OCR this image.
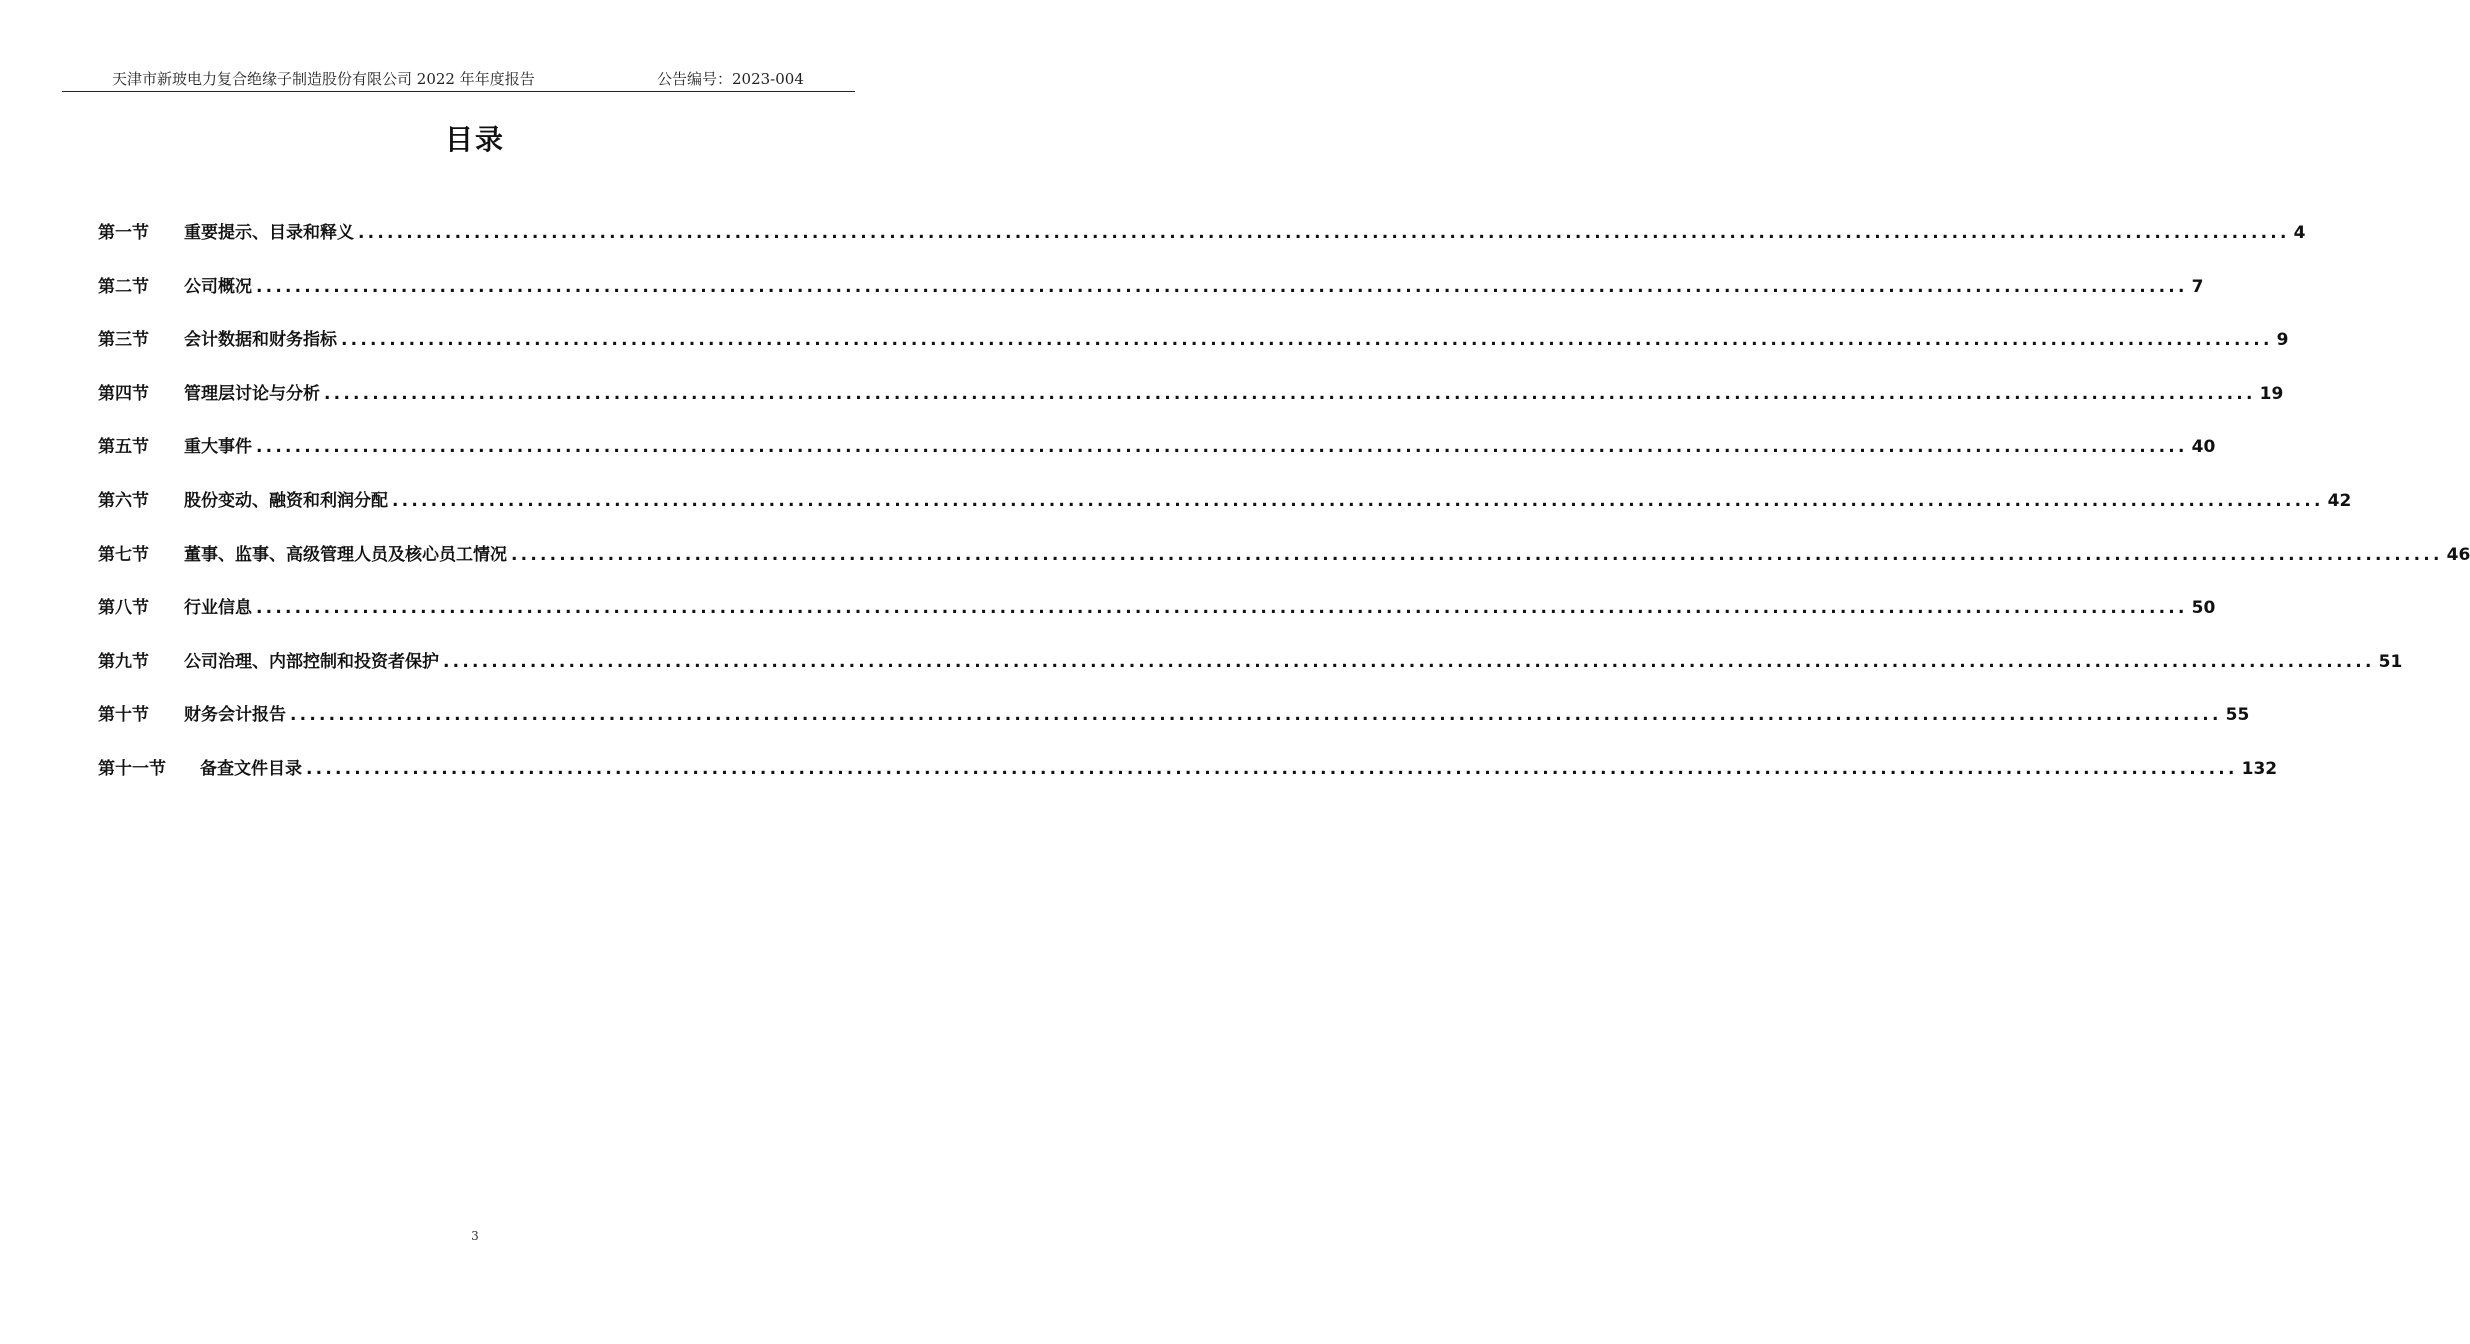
天津市新玻电力复合绝缘子制造股份有限公司 2022 年年度报告	公告编号：2023-004
目录
第一节	重要提示、目录和释义 ........................................................................................................................................................................................................ 4
第二节	公司概况 ........................................................................................................................................................................................................ 7
第三节	会计数据和财务指标 ........................................................................................................................................................................................................ 9
第四节	管理层讨论与分析 ........................................................................................................................................................................................................ 19
第五节	重大事件 ........................................................................................................................................................................................................ 40
第六节	股份变动、融资和利润分配 ........................................................................................................................................................................................................ 42
第七节	董事、监事、高级管理人员及核心员工情况 ........................................................................................................................................................................................................ 46
第八节	行业信息 ........................................................................................................................................................................................................ 50
第九节	公司治理、内部控制和投资者保护 ........................................................................................................................................................................................................ 51
第十节	财务会计报告 ........................................................................................................................................................................................................ 55
第十一节	备查文件目录 ........................................................................................................................................................................................................ 132
3
